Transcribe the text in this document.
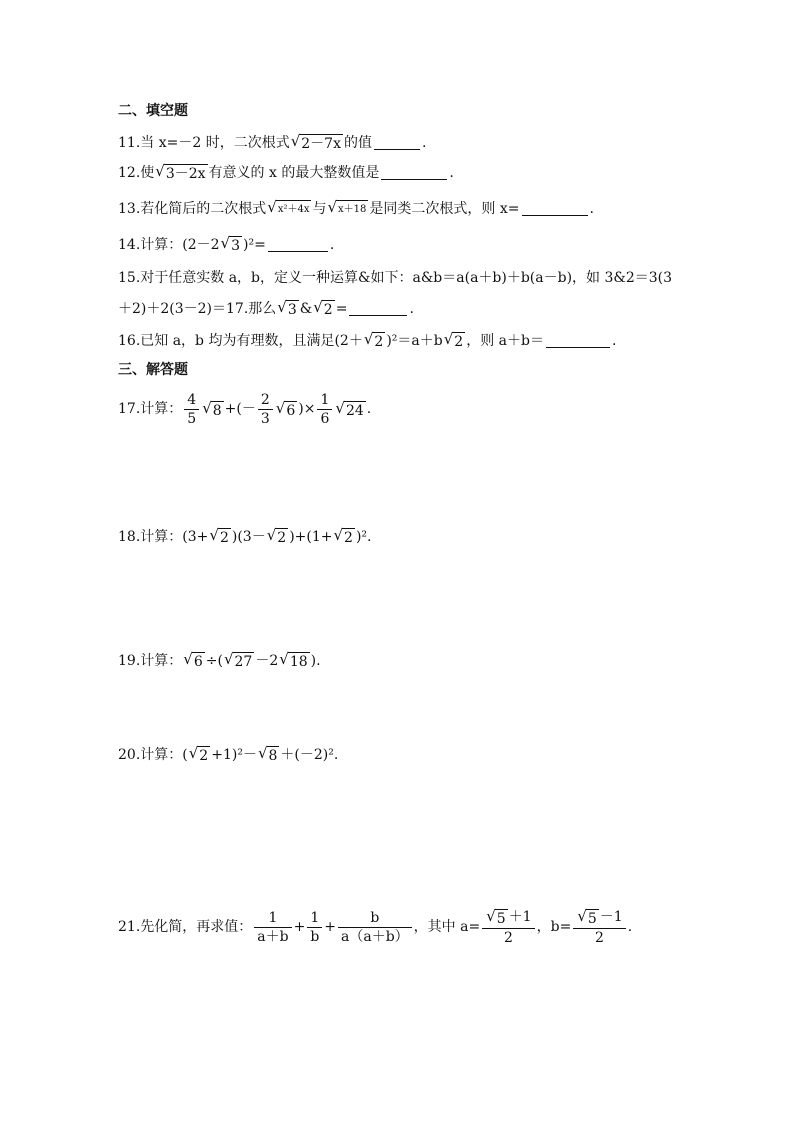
二、填空题
11.当 x=－2 时，二次根式 √ 2－7x 的值	.
12.使 √ 3－2x 有意义的 x 的最大整数值是	.
13.若化简后的二次根式 √ x²＋4x 与 √ x＋18 是同类二次根式，则 x=	.
14.计算：(2－2 √ 3 )²=	.
15.对于任意实数 a，b，定义一种运算&如下：a&b＝a(a＋b)＋b(a－b)，如 3&2＝3(3
＋2)＋2(3－2)＝17.那么 √ 3 & √ 2 =	.
16.已知 a，b 均为有理数，且满足(2＋ √ 2 )²＝a＋b √ 2 ，则 a＋b＝	.
三、解答题
17.计算： $\frac{4}{5}$ √ 8 +(－ $\frac{2}{3}$ √ 6 )× $\frac{1}{6}$ √ 24 .
18.计算：(3+ √ 2 )(3－ √ 2 )+(1+ √ 2 )².
19.计算： √ 6 ÷( √ 27 －2 √ 18 ).
20.计算：( √ 2 +1)²－ √ 8 ＋(－2)².
21.先化简，再求值： $\frac{1}{a+b} + \frac{1}{b} + \frac{b}{a(a+b)}$ ，其中 $a= \frac{√ 5 +1}{2}$ ，$b= \frac{√ 5 -1}{2}$ .
